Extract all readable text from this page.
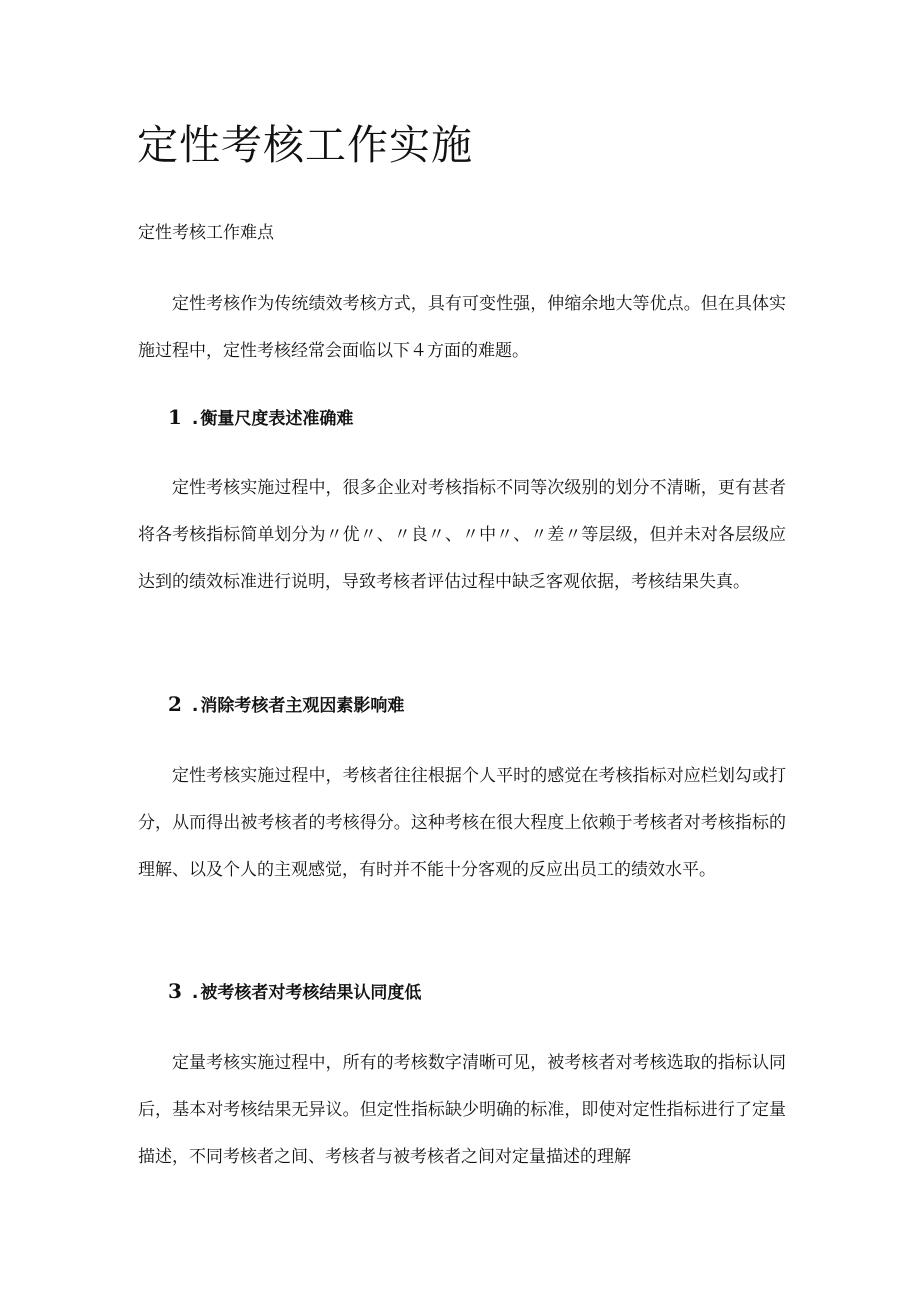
定性考核工作实施
定性考核工作难点

定性考核作为传统绩效考核方式，具有可变性强，伸缩余地大等优点。但在具体实施过程中，定性考核经常会面临以下４方面的难题。

1 . 衡量尺度表述准确难

定性考核实施过程中，很多企业对考核指标不同等次级别的划分不清晰，更有甚者将各考核指标简单划分为〃优〃、〃良〃、〃中〃、〃差〃等层级，但并未对各层级应达到的绩效标准进行说明，导致考核者评估过程中缺乏客观依据，考核结果失真。

2 . 消除考核者主观因素影响难

定性考核实施过程中，考核者往往根据个人平时的感觉在考核指标对应栏划勾或打分，从而得出被考核者的考核得分。这种考核在很大程度上依赖于考核者对考核指标的理解、以及个人的主观感觉，有时并不能十分客观的反应出员工的绩效水平。

3 . 被考核者对考核结果认同度低

定量考核实施过程中，所有的考核数字清晰可见，被考核者对考核选取的指标认同后，基本对考核结果无异议。但定性指标缺少明确的标准，即使对定性指标进行了定量描述，不同考核者之间、考核者与被考核者之间对定量描述的理解
